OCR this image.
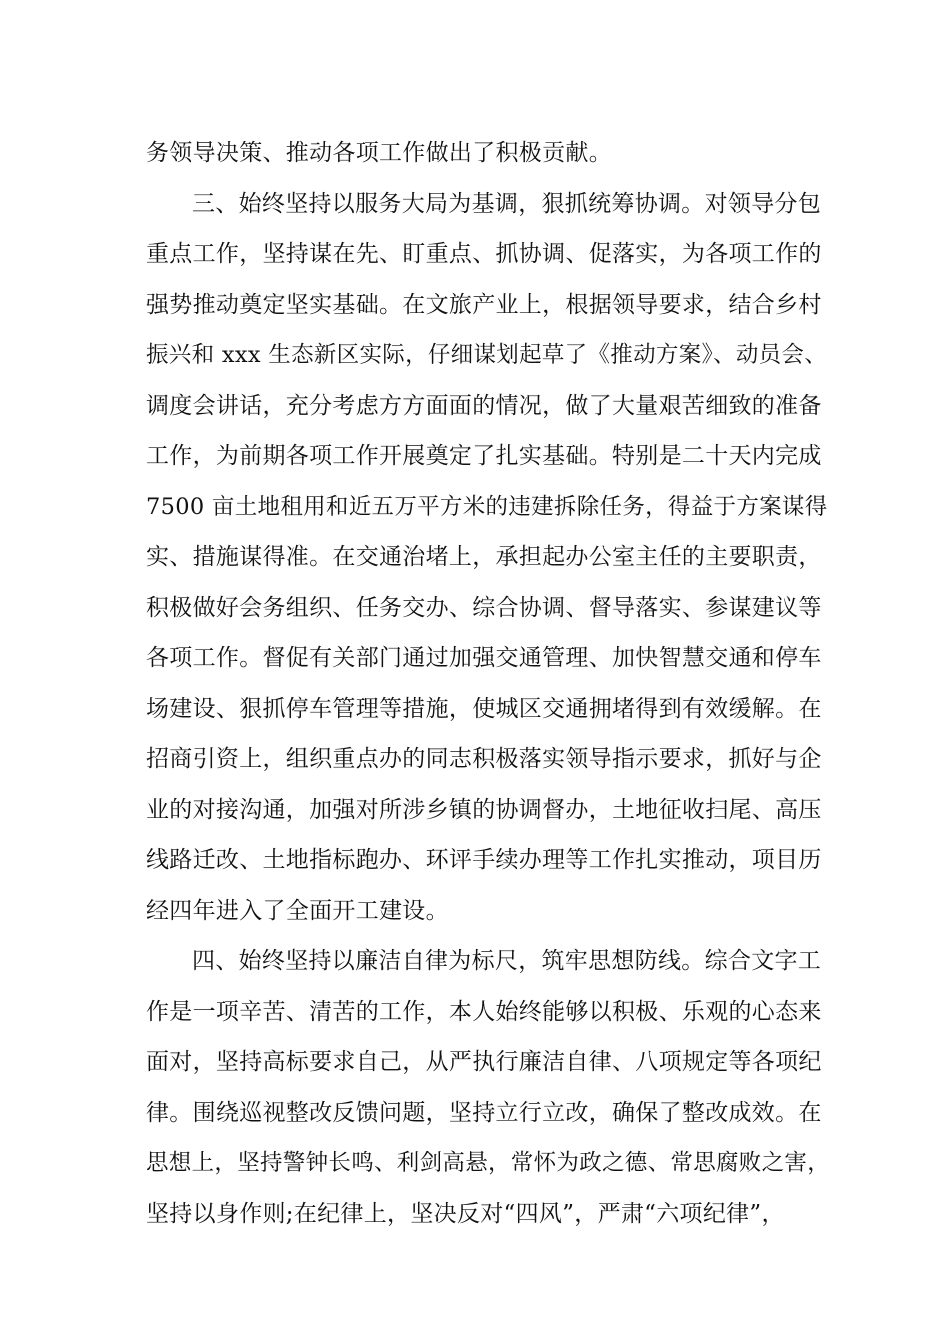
务领导决策、推动各项工作做出了积极贡献。
三、始终坚持以服务大局为基调，狠抓统筹协调。对领导分包
重点工作，坚持谋在先、盯重点、抓协调、促落实，为各项工作的
强势推动奠定坚实基础。在文旅产业上，根据领导要求，结合乡村
振兴和 xxx 生态新区实际，仔细谋划起草了《推动方案》、动员会、
调度会讲话，充分考虑方方面面的情况，做了大量艰苦细致的准备
工作，为前期各项工作开展奠定了扎实基础。特别是二十天内完成
7500 亩土地租用和近五万平方米的违建拆除任务，得益于方案谋得
实、措施谋得准。在交通治堵上，承担起办公室主任的主要职责，
积极做好会务组织、任务交办、综合协调、督导落实、参谋建议等
各项工作。督促有关部门通过加强交通管理、加快智慧交通和停车
场建设、狠抓停车管理等措施，使城区交通拥堵得到有效缓解。在
招商引资上，组织重点办的同志积极落实领导指示要求，抓好与企
业的对接沟通，加强对所涉乡镇的协调督办，土地征收扫尾、高压
线路迁改、土地指标跑办、环评手续办理等工作扎实推动，项目历
经四年进入了全面开工建设。
四、始终坚持以廉洁自律为标尺，筑牢思想防线。综合文字工
作是一项辛苦、清苦的工作，本人始终能够以积极、乐观的心态来
面对，坚持高标要求自己，从严执行廉洁自律、八项规定等各项纪
律。围绕巡视整改反馈问题，坚持立行立改，确保了整改成效。在
思想上，坚持警钟长鸣、利剑高悬，常怀为政之德、常思腐败之害，
坚持以身作则;在纪律上，坚决反对“四风”，严肃“六项纪律”，
